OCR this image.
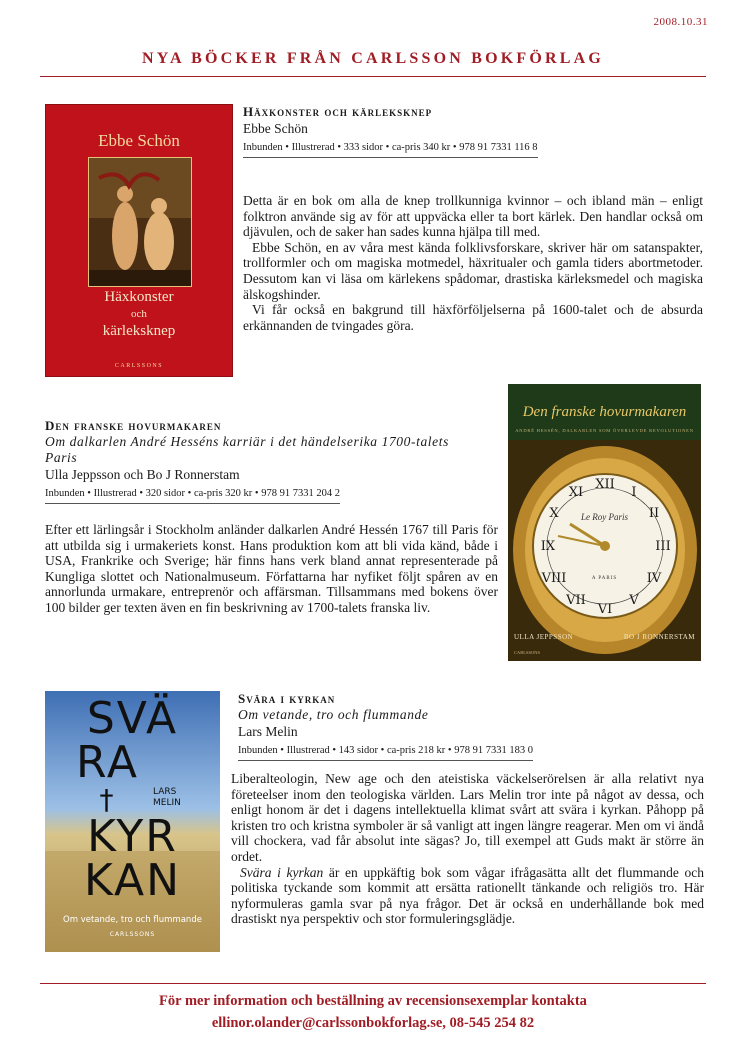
2008.10.31
NYA BÖCKER FRÅN CARLSSON BOKFÖRLAG
Ebbe Schön
Häxkonster
och
kärleksknep
CARLSSONS
Häxkonster och kärleksknep
Ebbe Schön
Inbunden • Illustrerad • 333 sidor • ca-pris 340 kr • 978 91 7331 116 8

Detta är en bok om alla de knep trollkunniga kvinnor – och ibland män – enligt folktron använde sig av för att uppväcka eller ta bort kärlek. Den handlar också om djävulen, och de saker han sades kunna hjälpa till med.

Ebbe Schön, en av våra mest kända folklivsforskare, skriver här om satanspakter, trollformler och om magiska motmedel, häxritualer och gamla tiders abortmetoder. Dessutom kan vi läsa om kärlekens spådomar, drastiska kärleksmedel och magiska älskogshinder.

Vi får också en bakgrund till häxförföljelserna på 1600-talet och de absurda erkännanden de tvingades göra.

Den franske hovurmakaren
Om dalkarlen André Hesséns karriär i det händelserika 1700-talets Paris
Ulla Jeppsson och Bo J Ronnerstam
Inbunden • Illustrerad • 320 sidor • ca-pris 320 kr • 978 91 7331 204 2

Efter ett lärlingsår i Stockholm anländer dalkarlen André Hessén 1767 till Paris för att utbilda sig i urmakeriets konst. Hans produktion kom att bli vida känd, både i USA, Frankrike och Sverige; här finns hans verk bland annat representerade på Kungliga slottet och Nationalmuseum. Författarna har nyfiket följt spåren av en annorlunda urmakare, entreprenör och affärsman. Tillsammans med bokens över 100 bilder ger texten även en fin beskrivning av 1700-talets franska liv.

XII
I
II
III
IV
V
VI
VII
VIII
IX
X
XI
Den franske hovurmakaren
ANDRÉ HESSÉN, DALKARLEN SOM ÖVERLEVDE REVOLUTIONEN
Le Roy Paris
A PARIS
ULLA JEPPSSON	BO J RONNERSTAM
CARLSSONS
SVÄ
RA
†
KYR
KAN
LARS
MELIN
Om vetande, tro och flummande
CARLSSONS
Svära i kyrkan
Om vetande, tro och flummande
Lars Melin
Inbunden • Illustrerad • 143 sidor • ca-pris 218 kr • 978 91 7331 183 0

Liberalteologin, New age och den ateistiska väckelserörelsen är alla relativt nya företeelser inom den teologiska världen. Lars Melin tror inte på något av dessa, och enligt honom är det i dagens intellektuella klimat svårt att svära i kyrkan. Påhopp på kristen tro och kristna symboler är så vanligt att ingen längre reagerar. Men om vi ändå vill chockera, vad får absolut inte sägas? Jo, till exempel att Guds makt är större än ordet.

Svära i kyrkan är en uppkäftig bok som vågar ifrågasätta allt det flummande och politiska tyckande som kommit att ersätta rationellt tänkande och religiös tro. Här nyformuleras gamla svar på nya frågor. Det är också en underhållande bok med drastiskt nya perspektiv och stor formuleringsglädje.

För mer information och beställning av recensionsexemplar kontakta
ellinor.olander@carlssonbokforlag.se, 08-545 254 82
